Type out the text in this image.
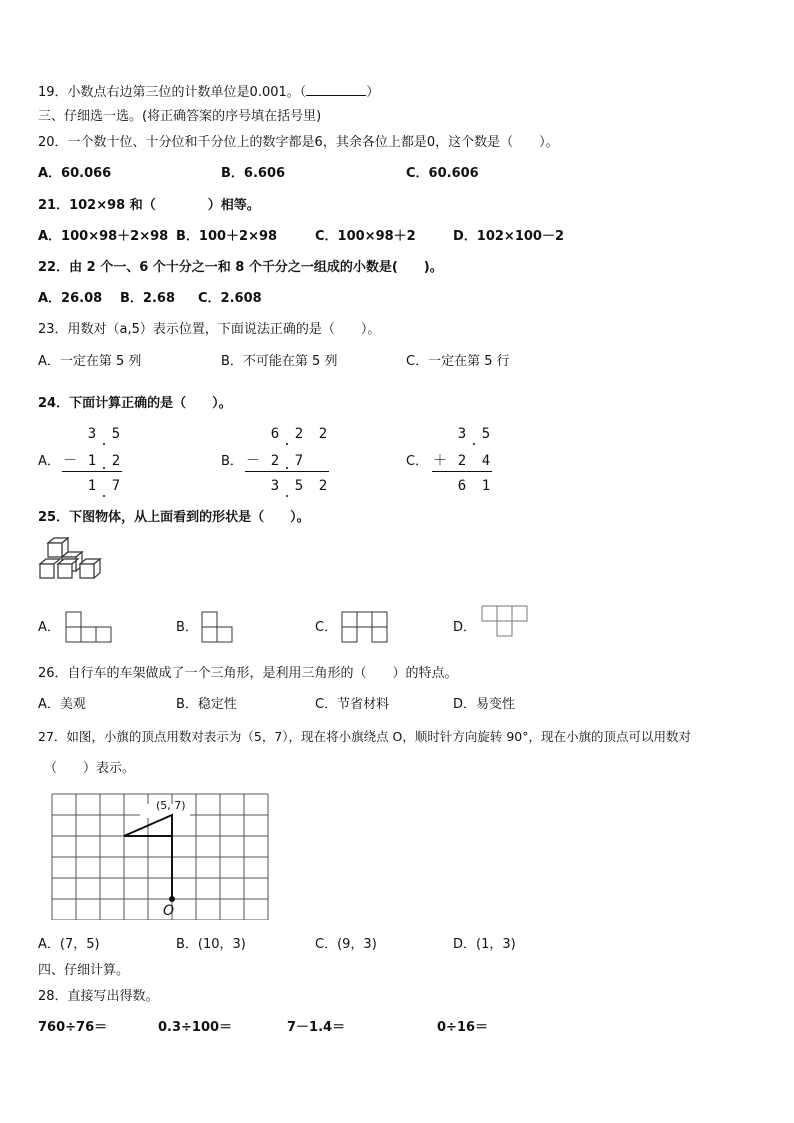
19．小数点右边第三位的计数单位是0.001。（	）
三、仔细选一选。(将正确答案的序号填在括号里)
20．一个数十位、十分位和千分位上的数字都是6，其余各位上都是0，这个数是（　　）。
A．60.066	B．6.606	C．60.606
21．102×98 和（　　　　）相等。
A．100×98＋2×98 B．100＋2×98	C．100×98＋2	D．102×100－2
22．由 2 个一、6 个十分之一和 8 个千分之一组成的小数是(　　)。
A．26.08 B．2.68 C．2.608
23．用数对（a,5）表示位置，下面说法正确的是（　　）。
A．一定在第 5 列	B．不可能在第 5 列	C．一定在第 5 行
24．下面计算正确的是（　　）。
A．
3 5
－ 1 2
1 7
B．
6 2 2
－ 2 7
3 5 2
C．
3 5
＋ 2 4
6 1
25．下图物体，从上面看到的形状是（　　）。
A．	B．	C．	D．
26．自行车的车架做成了一个三角形，是利用三角形的（　　）的特点。
A．美观	B．稳定性	C．节省材料	D．易变性
27．如图，小旗的顶点用数对表示为（5，7），现在将小旗绕点 O，顺时针方向旋转 90°，现在小旗的顶点可以用数对
（　　）表示。
(5, 7)
O
A．(7，5)	B．(10，3)	C．(9，3)	D．(1，3)
四、仔细计算。
28．直接写出得数。
760÷76＝	0.3÷100＝	7－1.4＝	0÷16＝
